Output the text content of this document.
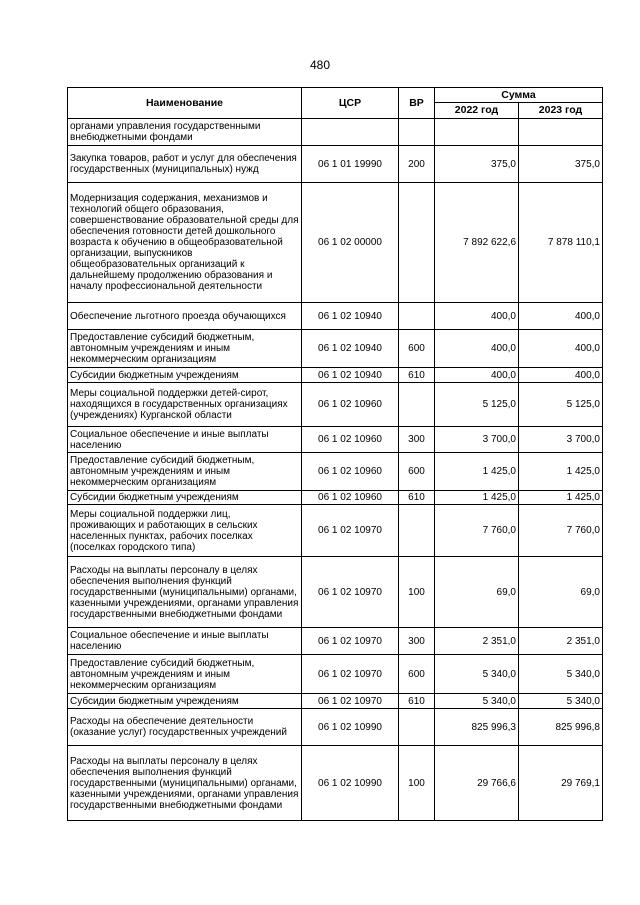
480
Наименование	ЦСР	ВР	Сумма	
			2022 год	2023 год
органами управления государственными внебюджетными фондами				
Закупка товаров, работ и услуг для обеспечения государственных (муниципальных) нужд	06 1 01 19990	200	375,0	375,0
Модернизация содержания, механизмов и технологий общего образования, совершенствование образовательной среды для обеспечения готовности детей дошкольного возраста к обучению в общеобразовательной организации, выпускников общеобразовательных организаций к дальнейшему продолжению образования и началу профессиональной деятельности	06 1 02 00000		7 892 622,6	7 878 110,1
Обеспечение льготного проезда обучающихся	06 1 02 10940		400,0	400,0
Предоставление субсидий бюджетным, автономным учреждениям и иным некоммерческим организациям	06 1 02 10940	600	400,0	400,0
Субсидии бюджетным учреждениям	06 1 02 10940	610	400,0	400,0
Меры социальной поддержки детей-сирот, находящихся в государственных организациях (учреждениях) Курганской области	06 1 02 10960		5 125,0	5 125,0
Социальное обеспечение и иные выплаты населению	06 1 02 10960	300	3 700,0	3 700,0
Предоставление субсидий бюджетным, автономным учреждениям и иным некоммерческим организациям	06 1 02 10960	600	1 425,0	1 425,0
Субсидии бюджетным учреждениям	06 1 02 10960	610	1 425,0	1 425,0
Меры социальной поддержки лиц, проживающих и работающих в сельских населенных пунктах, рабочих поселках (поселках городского типа)	06 1 02 10970		7 760,0	7 760,0
Расходы на выплаты персоналу в целях обеспечения выполнения функций государственными (муниципальными) органами, казенными учреждениями, органами управления государственными внебюджетными фондами	06 1 02 10970	100	69,0	69,0
Социальное обеспечение и иные выплаты населению	06 1 02 10970	300	2 351,0	2 351,0
Предоставление субсидий бюджетным, автономным учреждениям и иным некоммерческим организациям	06 1 02 10970	600	5 340,0	5 340,0
Субсидии бюджетным учреждениям	06 1 02 10970	610	5 340,0	5 340,0
Расходы на обеспечение деятельности (оказание услуг) государственных учреждений	06 1 02 10990		825 996,3	825 996,8
Расходы на выплаты персоналу в целях обеспечения выполнения функций государственными (муниципальными) органами, казенными учреждениями, органами управления государственными внебюджетными фондами	06 1 02 10990	100	29 766,6	29 769,1
